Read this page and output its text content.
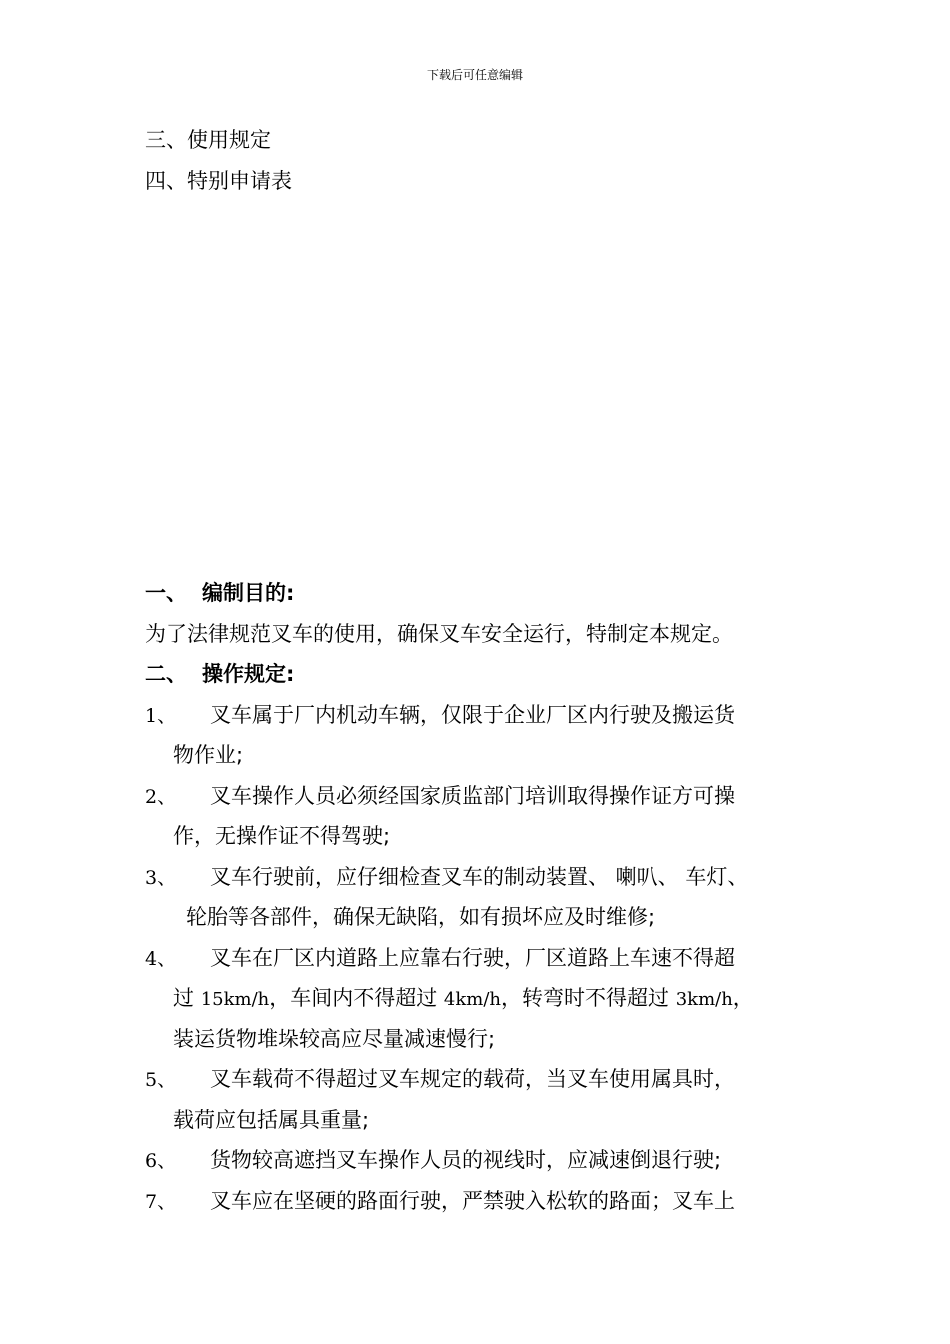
下载后可任意编辑
三、使用规定
四、特别申请表
一、 编制目的:
为了法律规范叉车的使用，确保叉车安全运行，特制定本规定。
二、 操作规定:
1、 叉车属于厂内机动车辆，仅限于企业厂区内行驶及搬运货
物作业;
2、 叉车操作人员必须经国家质监部门培训取得操作证方可操
作，无操作证不得驾驶;
3、 叉车行驶前，应仔细检查叉车的制动装置、 喇叭、 车灯、
轮胎等各部件，确保无缺陷，如有损坏应及时维修;
4、 叉车在厂区内道路上应靠右行驶，厂区道路上车速不得超
过 15km/h，车间内不得超过 4km/h，转弯时不得超过 3km/h，
装运货物堆垛较高应尽量减速慢行;
5、 叉车载荷不得超过叉车规定的载荷，当叉车使用属具时，
载荷应包括属具重量;
6、 货物较高遮挡叉车操作人员的视线时，应减速倒退行驶;
7、 叉车应在坚硬的路面行驶，严禁驶入松软的路面；叉车上
